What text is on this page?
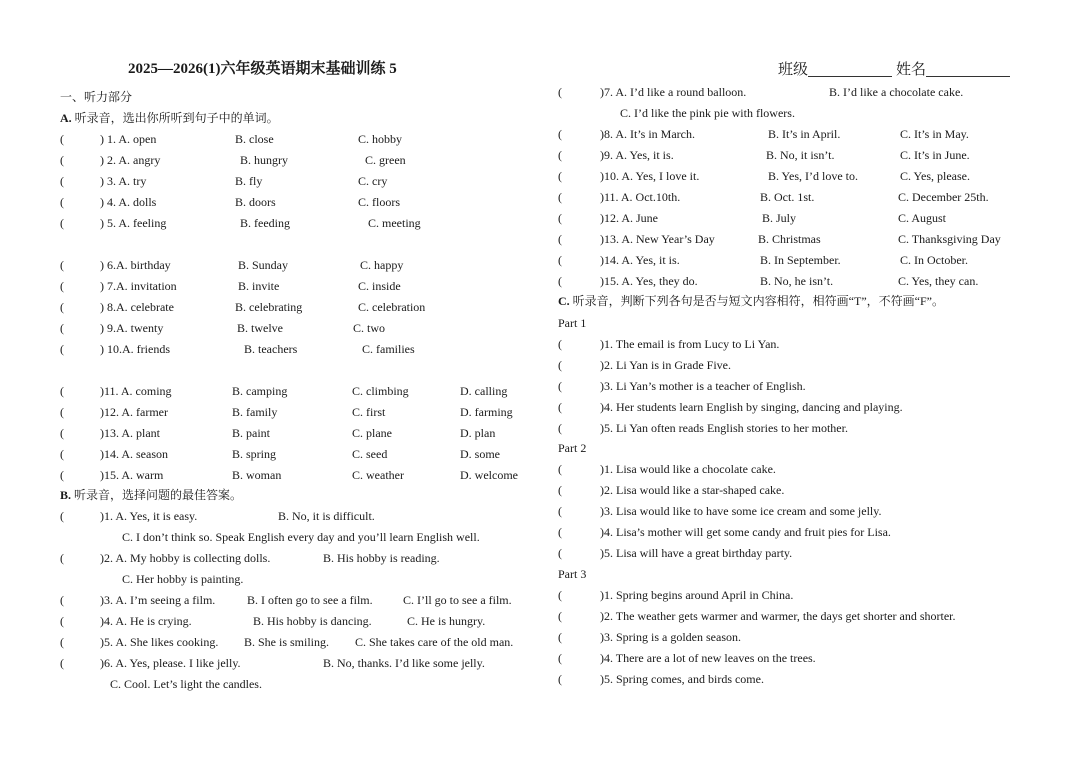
2025—2026(1)六年级英语期末基础训练 5
一、听力部分
A. 听录音，选出你所听到句子中的单词。
(	) 1. A. open	B. close	C. hobby
(	) 2. A. angry	B. hungry	C. green
(	) 3. A. try	B. fly	C. cry
(	) 4. A. dolls	B. doors	C. floors
(	) 5. A. feeling	B. feeding	C. meeting
(	) 6.A. birthday	B. Sunday	C. happy
(	) 7.A. invitation	B. invite	C. inside
(	) 8.A. celebrate	B. celebrating	C. celebration
(	) 9.A. twenty	B. twelve	C. two
(	) 10.A. friends	B. teachers	C. families
(	)11. A. coming	B. camping	C. climbing	D. calling
(	)12. A. farmer	B. family	C. first	D. farming
(	)13. A. plant	B. paint	C. plane	D. plan
(	)14. A. season	B. spring	C. seed	D. some
(	)15. A. warm	B. woman	C. weather	D. welcome
B. 听录音，选择问题的最佳答案。
(	)1. A. Yes, it is easy.	B. No, it is difficult.
C. I don’t think so. Speak English every day and you’ll learn English well.
(	)2. A. My hobby is collecting dolls.	B. His hobby is reading.
C. Her hobby is painting.
(	)3. A. I’m seeing a film.	B. I often go to see a film.	C. I’ll go to see a film.
(	)4. A. He is crying.	B. His hobby is dancing.	C. He is hungry.
(	)5. A. She likes cooking. B. She is smiling. C. She takes care of the old man.
(	)6. A. Yes, please. I like jelly.	B. No, thanks. I’d like some jelly.
C. Cool. Let’s light the candles.
班级	姓名
(	)7. A. I’d like a round balloon.	B. I’d like a chocolate cake.
C. I’d like the pink pie with flowers.
(	)8. A. It’s in March.	B. It’s in April.	C. It’s in May.
(	)9. A. Yes, it is.	B. No, it isn’t.	C. It’s in June.
(	)10. A. Yes, I love it.	B. Yes, I’d love to.	C. Yes, please.
(	)11. A. Oct.10th.	B. Oct. 1st.	C. December 25th.
(	)12. A. June	B. July	C. August
(	)13. A. New Year’s Day	B. Christmas	C. Thanksgiving Day
(	)14. A. Yes, it is.	B. In September.	C. In October.
(	)15. A. Yes, they do.	B. No, he isn’t.	C. Yes, they can.
C. 听录音，判断下列各句是否与短文内容相符，相符画“T”，不符画“F”。
Part 1
(	)1. The email is from Lucy to Li Yan.
(	)2. Li Yan is in Grade Five.
(	)3. Li Yan’s mother is a teacher of English.
(	)4. Her students learn English by singing, dancing and playing.
(	)5. Li Yan often reads English stories to her mother.
Part 2
(	)1. Lisa would like a chocolate cake.
(	)2. Lisa would like a star-shaped cake.
(	)3. Lisa would like to have some ice cream and some jelly.
(	)4. Lisa’s mother will get some candy and fruit pies for Lisa.
(	)5. Lisa will have a great birthday party.
Part 3
(	)1. Spring begins around April in China.
(	)2. The weather gets warmer and warmer, the days get shorter and shorter.
(	)3. Spring is a golden season.
(	)4. There are a lot of new leaves on the trees.
(	)5. Spring comes, and birds come.
